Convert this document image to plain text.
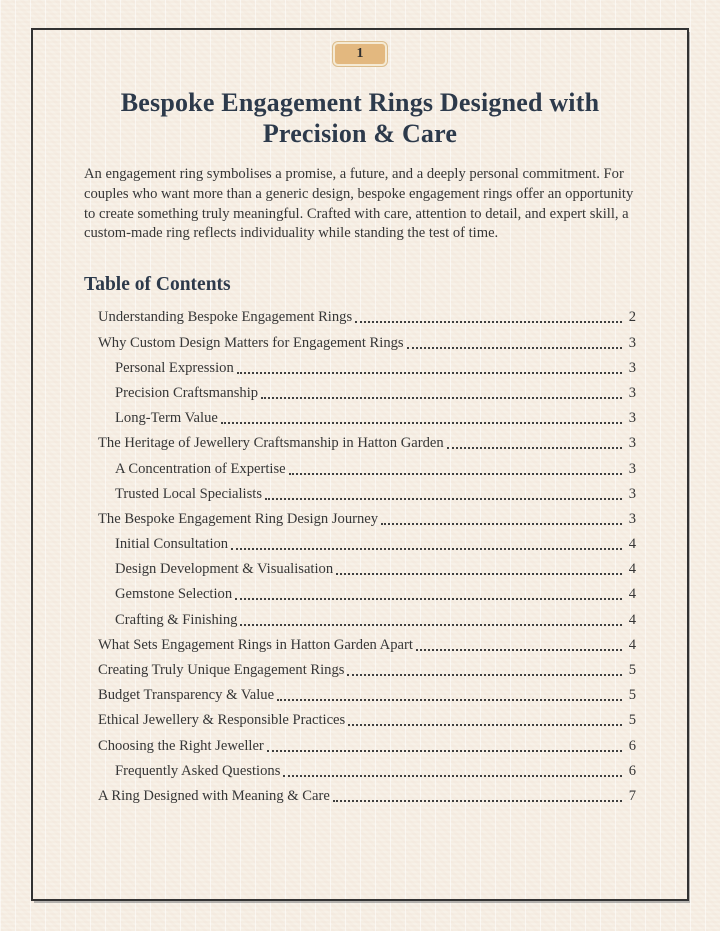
1
Bespoke Engagement Rings Designed with
Precision & Care

An engagement ring symbolises a promise, a future, and a deeply personal commitment. For couples who want more than a generic design, bespoke engagement rings offer an opportunity to create something truly meaningful. Crafted with care, attention to detail, and expert skill, a custom-made ring reflects individuality while standing the test of time.

Table of Contents
Understanding Bespoke Engagement Rings	2
Why Custom Design Matters for Engagement Rings	3
Personal Expression	3
Precision Craftsmanship	3
Long-Term Value	3
The Heritage of Jewellery Craftsmanship in Hatton Garden	3
A Concentration of Expertise	3
Trusted Local Specialists	3
The Bespoke Engagement Ring Design Journey	3
Initial Consultation	4
Design Development & Visualisation	4
Gemstone Selection	4
Crafting & Finishing	4
What Sets Engagement Rings in Hatton Garden Apart	4
Creating Truly Unique Engagement Rings	5
Budget Transparency & Value	5
Ethical Jewellery & Responsible Practices	5
Choosing the Right Jeweller	6
Frequently Asked Questions	6
A Ring Designed with Meaning & Care	7
